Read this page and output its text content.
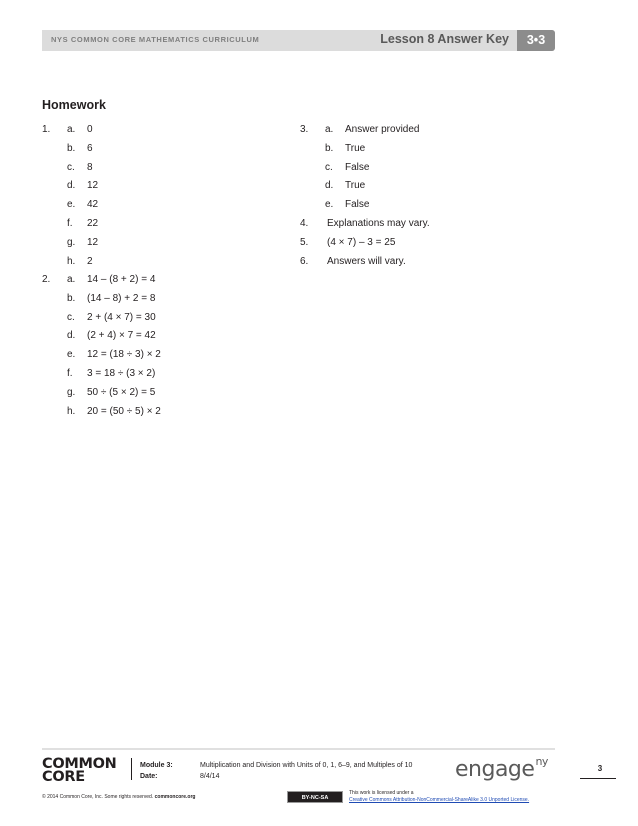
NYS COMMON CORE MATHEMATICS CURRICULUM	Lesson 8 Answer Key	3•3
Homework
1. a. 0
b. 6
c. 8
d. 12
e. 42
f. 22
g. 12
h. 2
2. a. 14 – (8 + 2) = 4
b. (14 – 8) + 2 = 8
c. 2 + (4 × 7) = 30
d. (2 + 4) × 7 = 42
e. 12 = (18 ÷ 3) × 2
f. 3 = 18 ÷ (3 × 2)
g. 50 ÷ (5 × 2) = 5
h. 20 = (50 ÷ 5) × 2
3. a. Answer provided
b. True
c. False
d. True
e. False
4. Explanations may vary.
5. (4 × 7) – 3 = 25
6. Answers will vary.
COMMON
CORE
Module 3:
Date:
Multiplication and Division with Units of 0, 1, 6–9, and Multiples of 10
8/4/14	engage$^{ny}$
3
© 2014 Common Core, Inc. Some rights reserved. commoncore.org	BY-NC-SA
This work is licensed under a
Creative Commons Attribution-NonCommercial-ShareAlike 3.0 Unported License.
